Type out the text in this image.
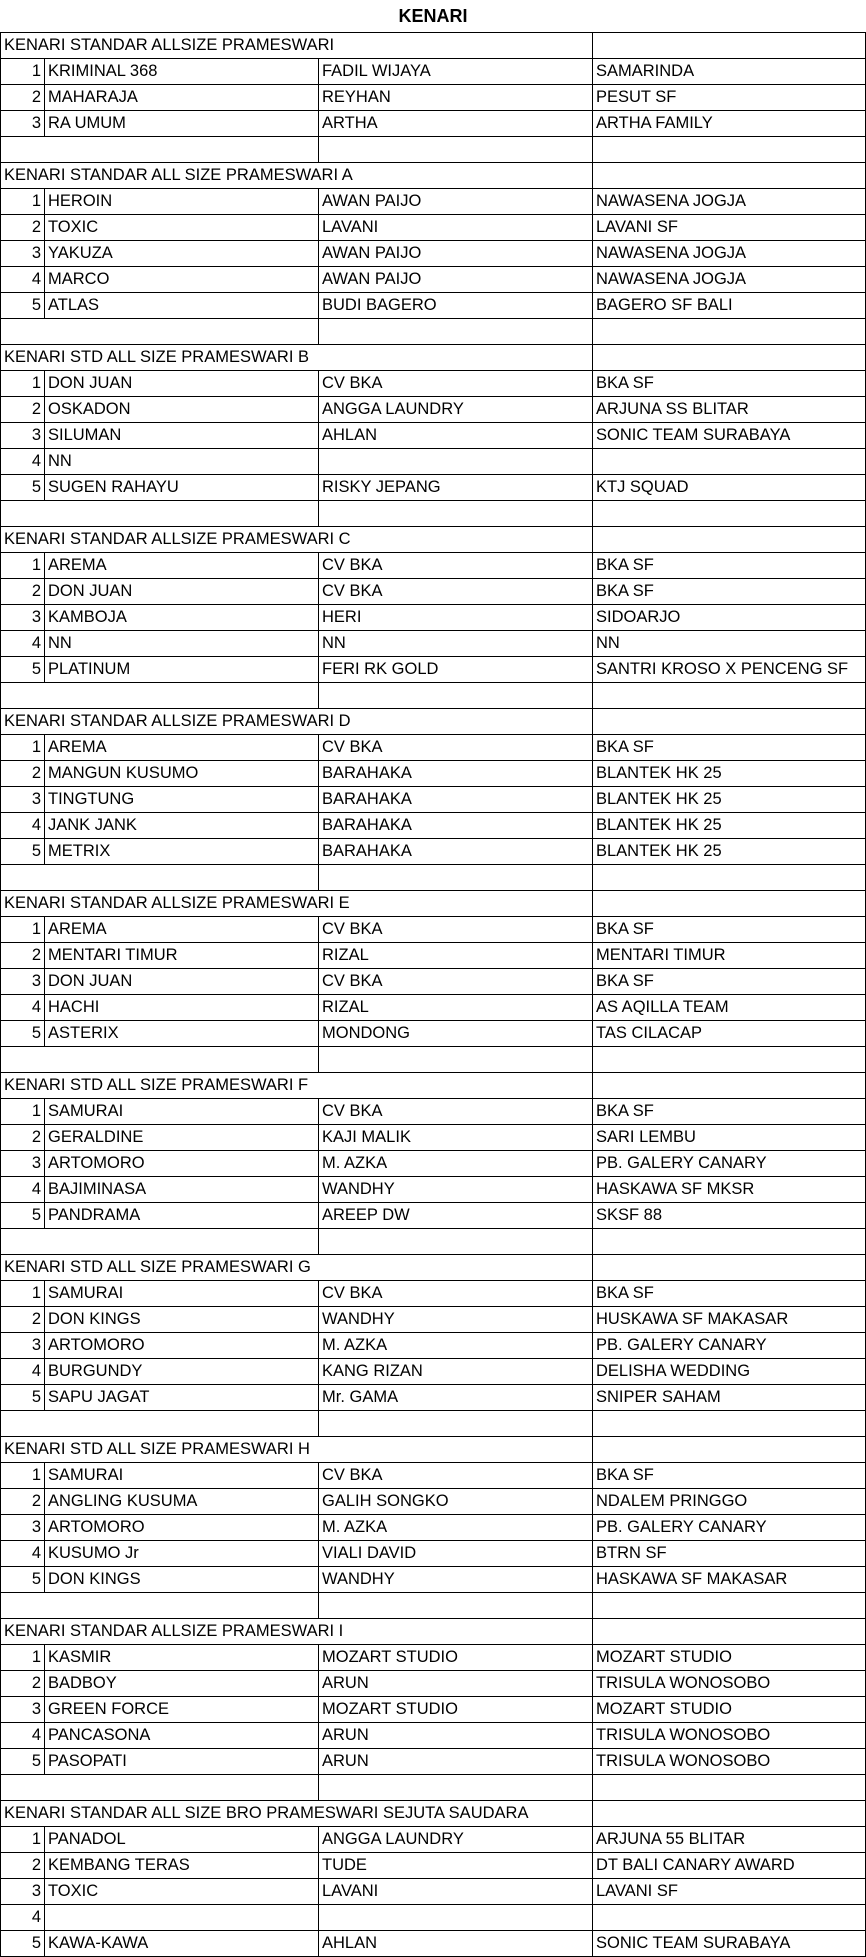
KENARI
KENARI STANDAR ALLSIZE PRAMESWARI
1 KRIMINAL 368	FADIL WIJAYA	SAMARINDA
2 MAHARAJA	REYHAN	PESUT SF
3 RA UMUM	ARTHA	ARTHA FAMILY
KENARI STANDAR ALL SIZE PRAMESWARI A
1 HEROIN	AWAN PAIJO	NAWASENA JOGJA
2 TOXIC	LAVANI	LAVANI SF
3 YAKUZA	AWAN PAIJO	NAWASENA JOGJA
4 MARCO	AWAN PAIJO	NAWASENA JOGJA
5 ATLAS	BUDI BAGERO	BAGERO SF BALI
KENARI STD ALL SIZE PRAMESWARI B
1 DON JUAN	CV BKA	BKA SF
2 OSKADON	ANGGA LAUNDRY	ARJUNA SS BLITAR
3 SILUMAN	AHLAN	SONIC TEAM SURABAYA
4 NN
5 SUGEN RAHAYU	RISKY JEPANG	KTJ SQUAD
KENARI STANDAR ALLSIZE PRAMESWARI C
1 AREMA	CV BKA	BKA SF
2 DON JUAN	CV BKA	BKA SF
3 KAMBOJA	HERI	SIDOARJO
4 NN	NN	NN
5 PLATINUM	FERI RK GOLD	SANTRI KROSO X PENCENG SF
KENARI STANDAR ALLSIZE PRAMESWARI D
1 AREMA	CV BKA	BKA SF
2 MANGUN KUSUMO	BARAHAKA	BLANTEK HK 25
3 TINGTUNG	BARAHAKA	BLANTEK HK 25
4 JANK JANK	BARAHAKA	BLANTEK HK 25
5 METRIX	BARAHAKA	BLANTEK HK 25
KENARI STANDAR ALLSIZE PRAMESWARI E
1 AREMA	CV BKA	BKA SF
2 MENTARI TIMUR	RIZAL	MENTARI TIMUR
3 DON JUAN	CV BKA	BKA SF
4 HACHI	RIZAL	AS AQILLA TEAM
5 ASTERIX	MONDONG	TAS CILACAP
KENARI STD ALL SIZE PRAMESWARI F
1 SAMURAI	CV BKA	BKA SF
2 GERALDINE	KAJI MALIK	SARI LEMBU
3 ARTOMORO	M. AZKA	PB. GALERY CANARY
4 BAJIMINASA	WANDHY	HASKAWA SF MKSR
5 PANDRAMA	AREEP DW	SKSF 88
KENARI STD ALL SIZE PRAMESWARI G
1 SAMURAI	CV BKA	BKA SF
2 DON KINGS	WANDHY	HUSKAWA SF MAKASAR
3 ARTOMORO	M. AZKA	PB. GALERY CANARY
4 BURGUNDY	KANG RIZAN	DELISHA WEDDING
5 SAPU JAGAT	Mr. GAMA	SNIPER SAHAM
KENARI STD ALL SIZE PRAMESWARI H
1 SAMURAI	CV BKA	BKA SF
2 ANGLING KUSUMA	GALIH SONGKO	NDALEM PRINGGO
3 ARTOMORO	M. AZKA	PB. GALERY CANARY
4 KUSUMO Jr	VIALI DAVID	BTRN SF
5 DON KINGS	WANDHY	HASKAWA SF MAKASAR
KENARI STANDAR ALLSIZE PRAMESWARI I
1 KASMIR	MOZART STUDIO	MOZART STUDIO
2 BADBOY	ARUN	TRISULA WONOSOBO
3 GREEN FORCE	MOZART STUDIO	MOZART STUDIO
4 PANCASONA	ARUN	TRISULA WONOSOBO
5 PASOPATI	ARUN	TRISULA WONOSOBO
KENARI STANDAR ALL SIZE BRO PRAMESWARI SEJUTA SAUDARA
1 PANADOL	ANGGA LAUNDRY	ARJUNA 55 BLITAR
2 KEMBANG TERAS	TUDE	DT BALI CANARY AWARD
3 TOXIC	LAVANI	LAVANI SF
4
5 KAWA-KAWA	AHLAN	SONIC TEAM SURABAYA
